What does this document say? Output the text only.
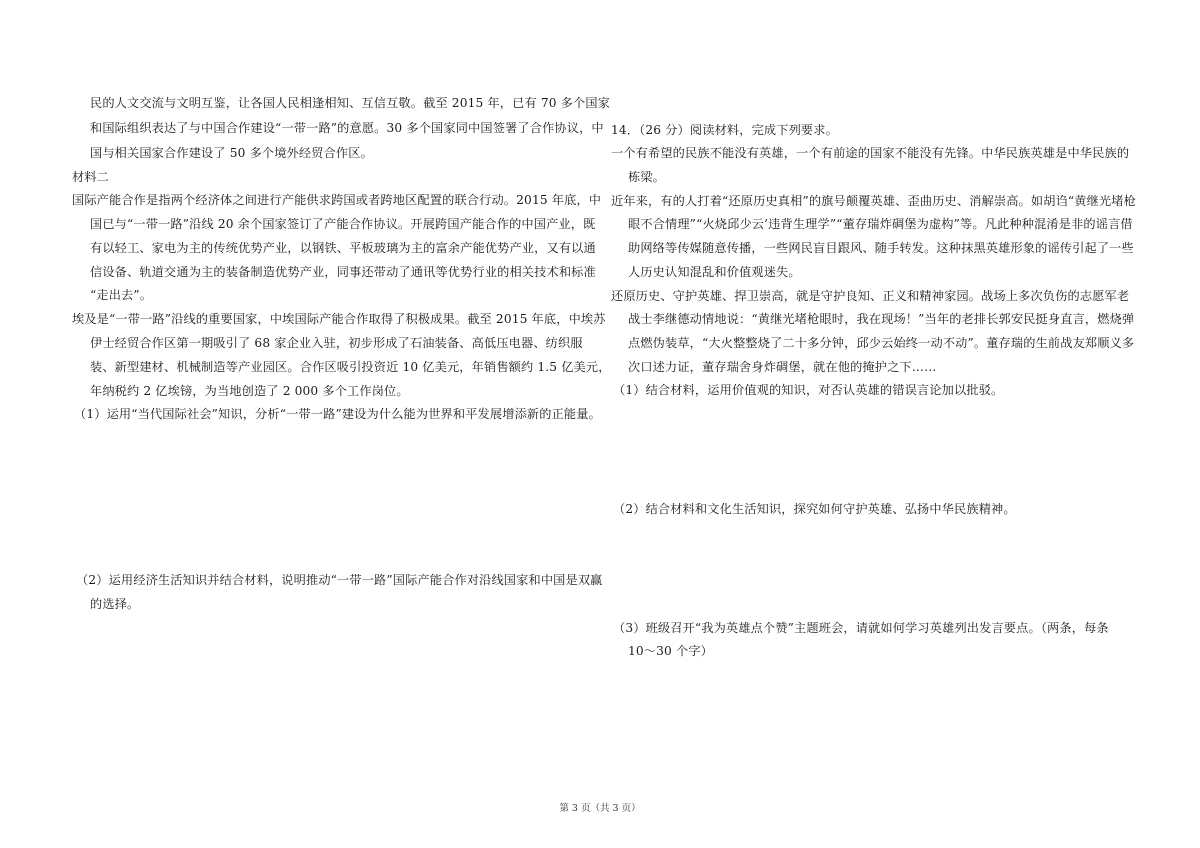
民的人文交流与文明互鉴，让各国人民相逢相知、互信互敬。截至 2015 年，已有 70 多个国家
和国际组织表达了与中国合作建设“一带一路”的意愿。30 多个国家同中国签署了合作协议，中
国与相关国家合作建设了 50 多个境外经贸合作区。
材料二
国际产能合作是指两个经济体之间进行产能供求跨国或者跨地区配置的联合行动。2015 年底，中
国已与“一带一路”沿线 20 余个国家签订了产能合作协议。开展跨国产能合作的中国产业，既
有以轻工、家电为主的传统优势产业，以钢铁、平板玻璃为主的富余产能优势产业，又有以通
信设备、轨道交通为主的装备制造优势产业，同事还带动了通讯等优势行业的相关技术和标准
“走出去”。
埃及是“一带一路”沿线的重要国家，中埃国际产能合作取得了积极成果。截至 2015 年底，中埃苏
伊士经贸合作区第一期吸引了 68 家企业入驻，初步形成了石油装备、高低压电器、纺织服
装、新型建材、机械制造等产业园区。合作区吸引投资近 10 亿美元，年销售额约 1.5 亿美元，
年纳税约 2 亿埃镑，为当地创造了 2 000 多个工作岗位。
（1）运用“当代国际社会”知识，分析“一带一路”建设为什么能为世界和平发展增添新的正能量。
（2）运用经济生活知识并结合材料，说明推动“一带一路”国际产能合作对沿线国家和中国是双赢
的选择。
14．（26 分）阅读材料，完成下列要求。
一个有希望的民族不能没有英雄，一个有前途的国家不能没有先锋。中华民族英雄是中华民族的
栋梁。
近年来，有的人打着“还原历史真相”的旗号颠覆英雄、歪曲历史、消解崇高。如胡诌“黄继光堵枪
眼不合情理”“火烧邱少云’违背生理学”“董存瑞炸碉堡为虚构”等。凡此种种混淆是非的谣言借
助网络等传媒随意传播，一些网民盲目跟风、随手转发。这种抹黑英雄形象的谣传引起了一些
人历史认知混乱和价值观迷失。
还原历史、守护英雄、捍卫崇高，就是守护良知、正义和精神家园。战场上多次负伤的志愿军老
战士李继德动情地说：“黄继光堵枪眼时，我在现场！”当年的老排长郭安民挺身直言，燃烧弹
点燃伪装草，“大火整整烧了二十多分钟，邱少云始终一动不动”。董存瑞的生前战友郑顺义多
次口述力证，董存瑞舍身炸碉堡，就在他的掩护之下……
（1）结合材料，运用价值观的知识，对否认英雄的错误言论加以批驳。
（2）结合材料和文化生活知识，探究如何守护英雄、弘扬中华民族精神。
（3）班级召开“我为英雄点个赞”主题班会，请就如何学习英雄列出发言要点。（两条，每条
10～30 个字）
第 3 页（共 3 页）
